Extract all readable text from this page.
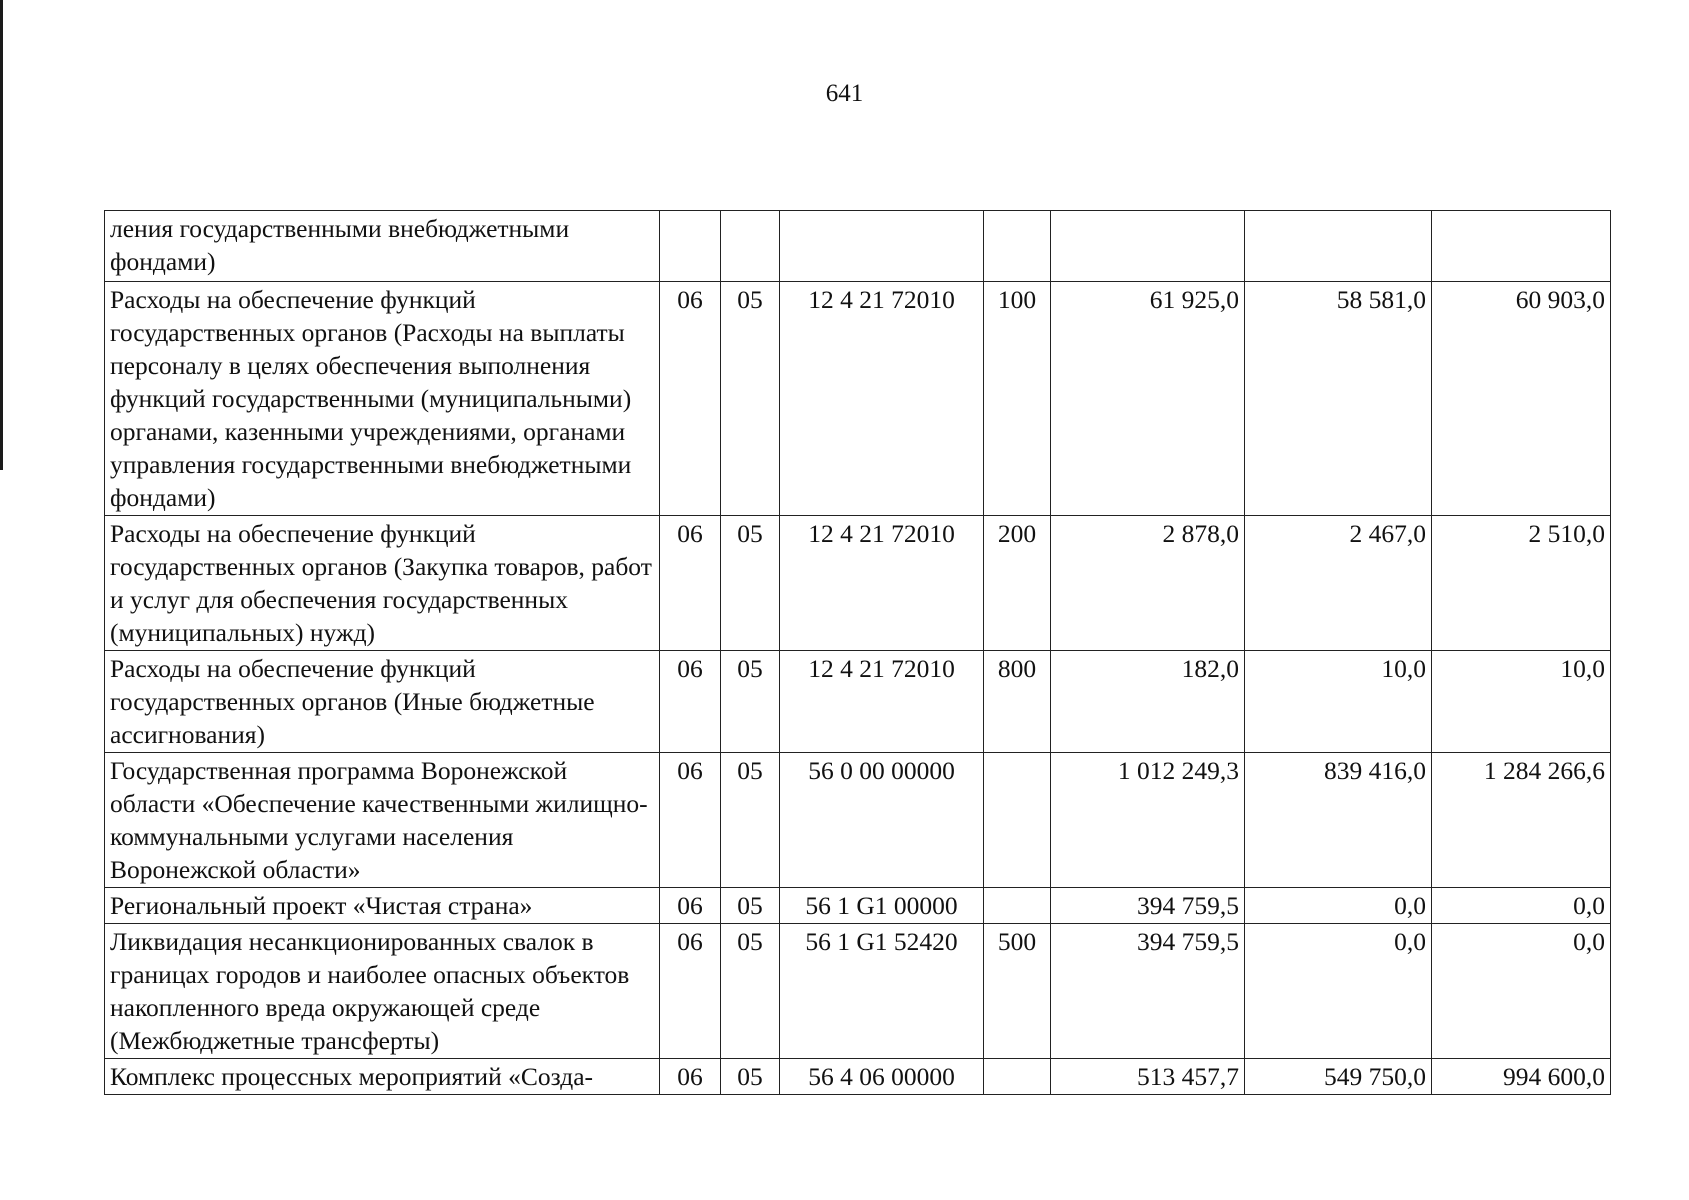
641
ления государственными внебюджетными фондами)							
Расходы на обеспечение функций государственных органов (Расходы на выплаты персоналу в целях обеспечения выполнения функций государственными (муниципальными) органами, казенными учреждениями, органами управления государственными внебюджетными фондами)	06	05	12 4 21 72010	100	61 925,0	58 581,0	60 903,0
Расходы на обеспечение функций государственных органов (Закупка товаров, работ и услуг для обеспечения государственных (муниципальных) нужд)	06	05	12 4 21 72010	200	2 878,0	2 467,0	2 510,0
Расходы на обеспечение функций государственных органов (Иные бюджетные ассигнования)	06	05	12 4 21 72010	800	182,0	10,0	10,0
Государственная программа Воронежской области «Обеспечение качественными жилищно-коммунальными услугами населения Воронежской области»	06	05	56 0 00 00000		1 012 249,3	839 416,0	1 284 266,6
Региональный проект «Чистая страна»	06	05	56 1 G1 00000		394 759,5	0,0	0,0
Ликвидация несанкционированных свалок в границах городов и наиболее опасных объектов накопленного вреда окружающей среде (Межбюджетные трансферты)	06	05	56 1 G1 52420	500	394 759,5	0,0	0,0
Комплекс процессных мероприятий «Созда-	06	05	56 4 06 00000		513 457,7	549 750,0	994 600,0
